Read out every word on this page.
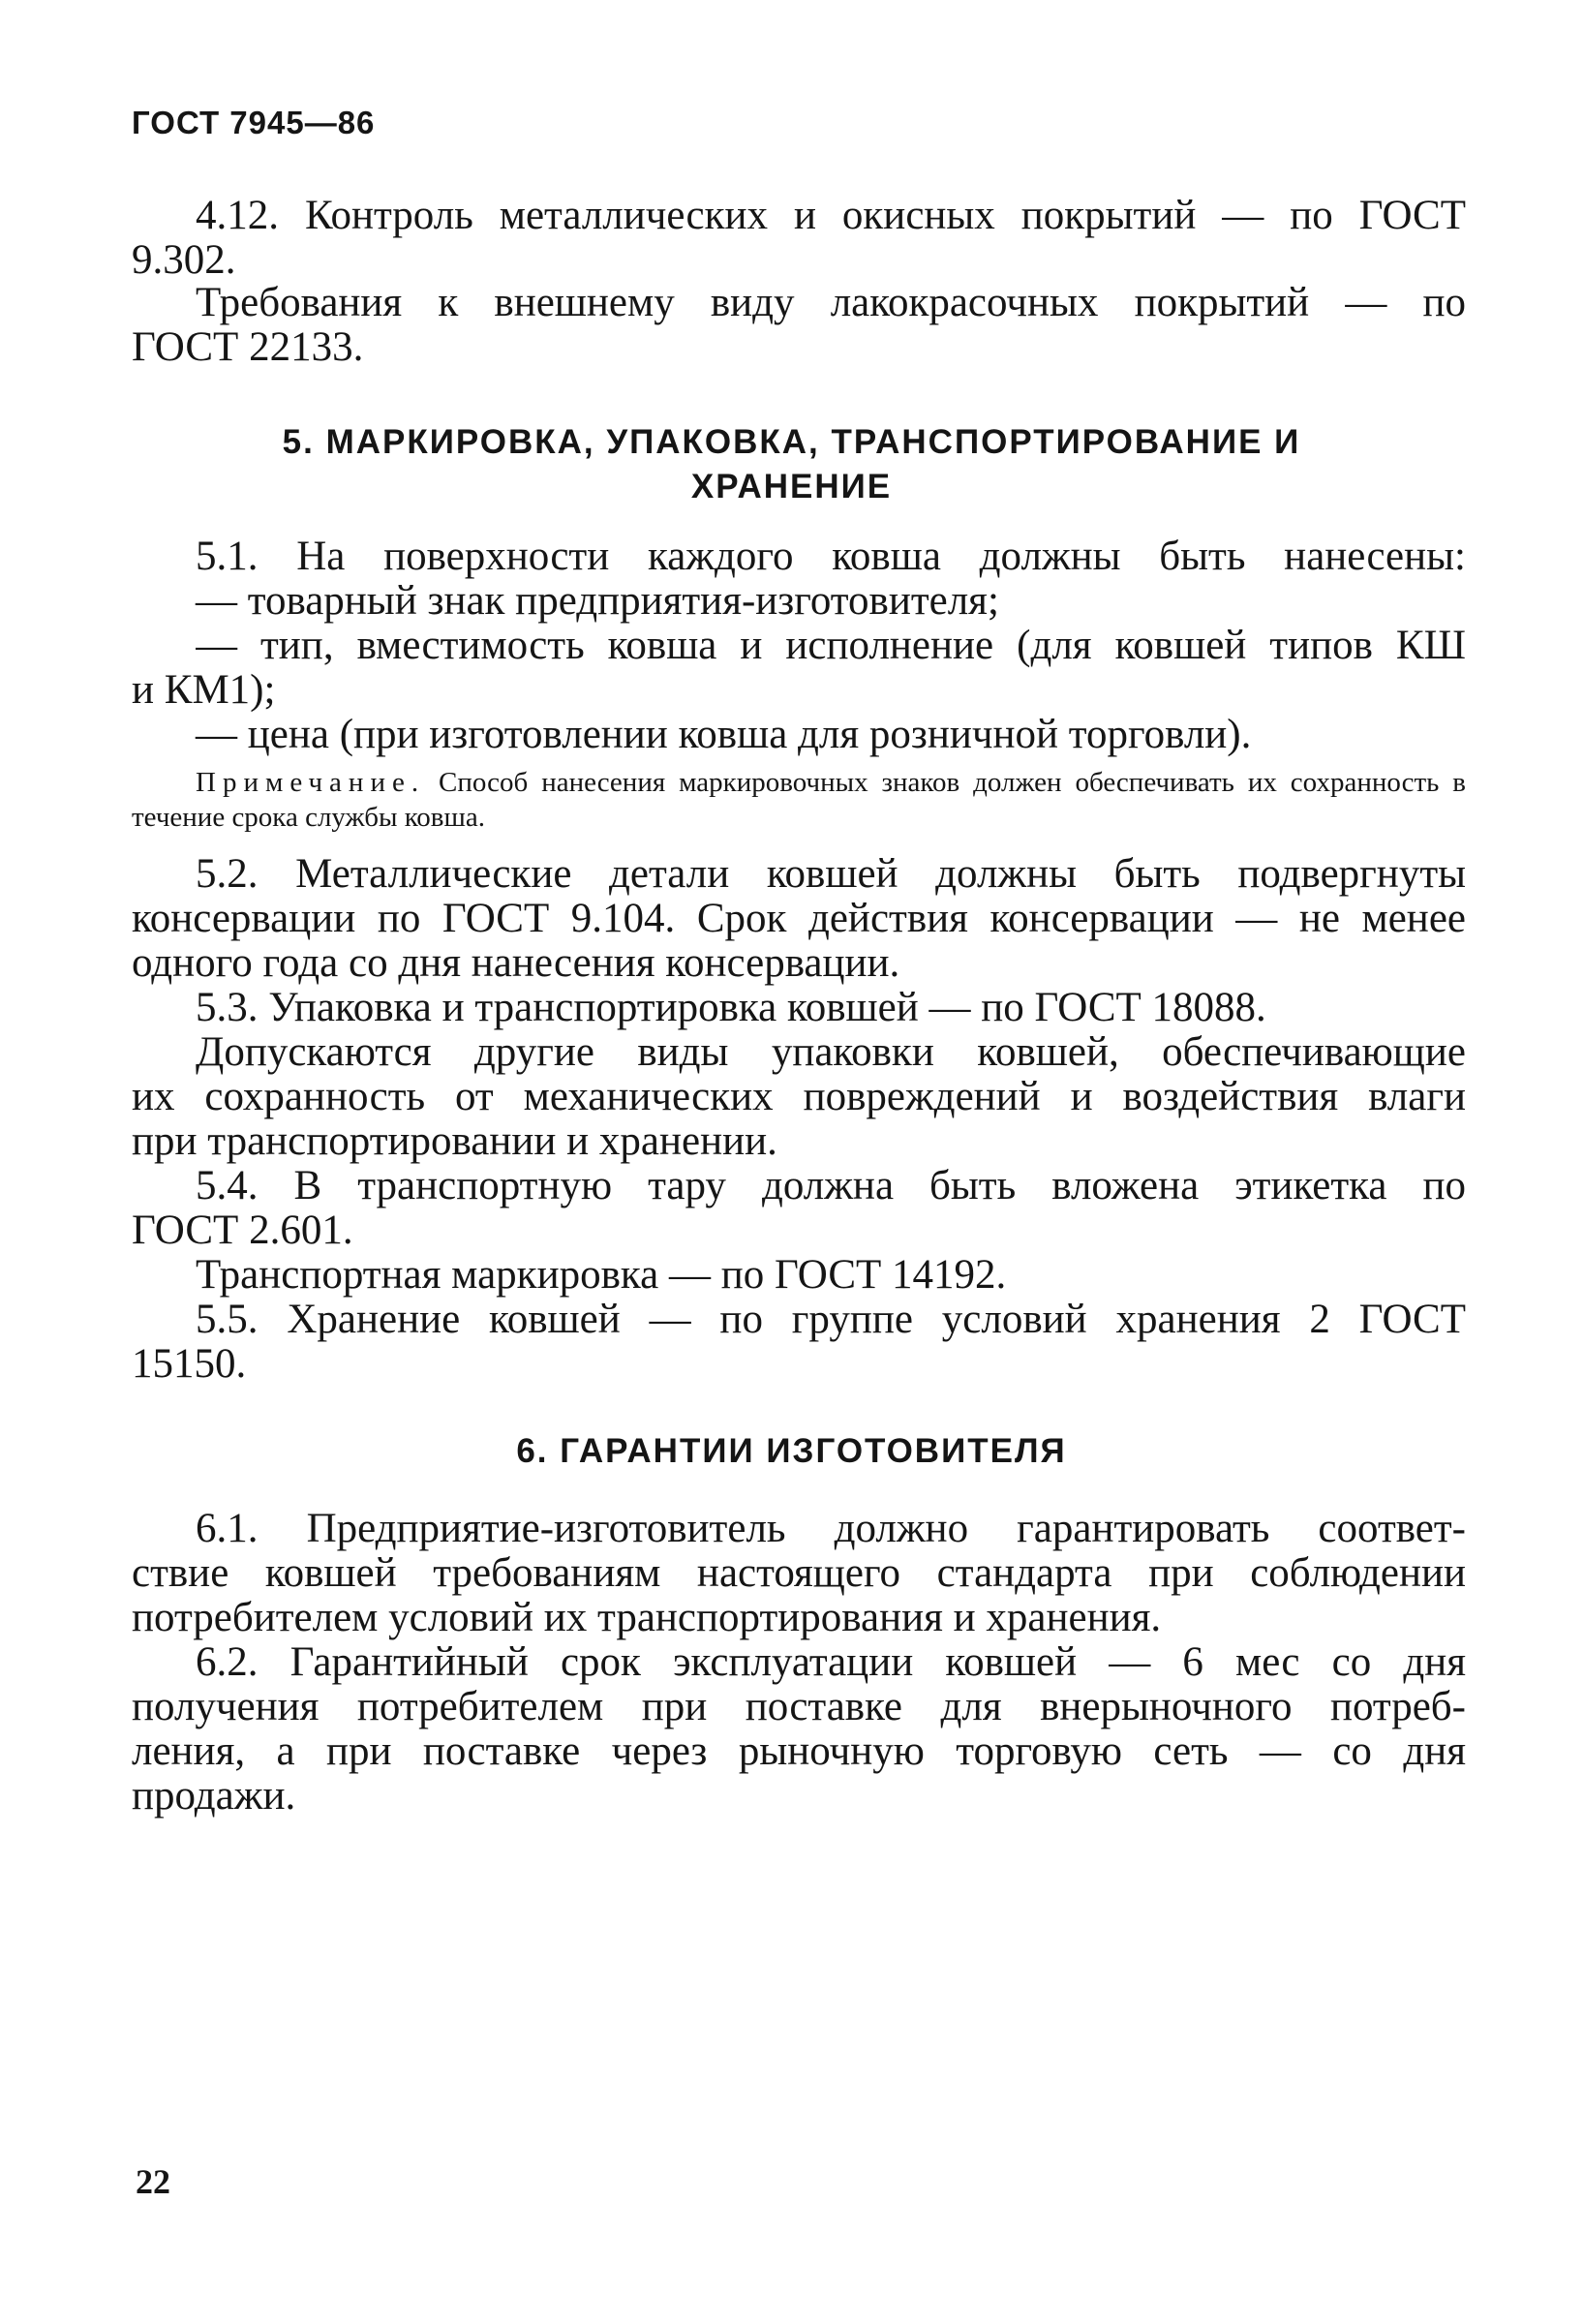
ГОСТ 7945—86
4.12. Контроль металлических и окисных покрытий — по ГОСТ
9.302.
Требования к внешнему виду лакокрасочных покрытий — по
ГОСТ 22133.
5. МАРКИРОВКА, УПАКОВКА, ТРАНСПОРТИРОВАНИЕ И
ХРАНЕНИЕ
5.1. На поверхности каждого ковша должны быть нанесены:
— товарный знак предприятия-изготовителя;
— тип, вместимость ковша и исполнение (для ковшей типов КШ
и КМ1);
— цена (при изготовлении ковша для розничной торговли).
Примечание. Способ нанесения маркировочных знаков должен обеспечивать их сохранность в течение срока службы ковша.
5.2. Металлические детали ковшей должны быть подвергнуты
консервации по ГОСТ 9.104. Срок действия консервации — не менее
одного года со дня нанесения консервации.
5.3. Упаковка и транспортировка ковшей — по ГОСТ 18088.
Допускаются другие виды упаковки ковшей, обеспечивающие
их сохранность от механических повреждений и воздействия влаги
при транспортировании и хранении.
5.4. В транспортную тару должна быть вложена этикетка по
ГОСТ 2.601.
Транспортная маркировка — по ГОСТ 14192.
5.5. Хранение ковшей — по группе условий хранения 2 ГОСТ
15150.
6. ГАРАНТИИ ИЗГОТОВИТЕЛЯ
6.1. Предприятие-изготовитель должно гарантировать соответ-
ствие ковшей требованиям настоящего стандарта при соблюдении
потребителем условий их транспортирования и хранения.
6.2. Гарантийный срок эксплуатации ковшей — 6 мес со дня
получения потребителем при поставке для внерыночного потреб-
ления, а при поставке через рыночную торговую сеть — со дня
продажи.
22
